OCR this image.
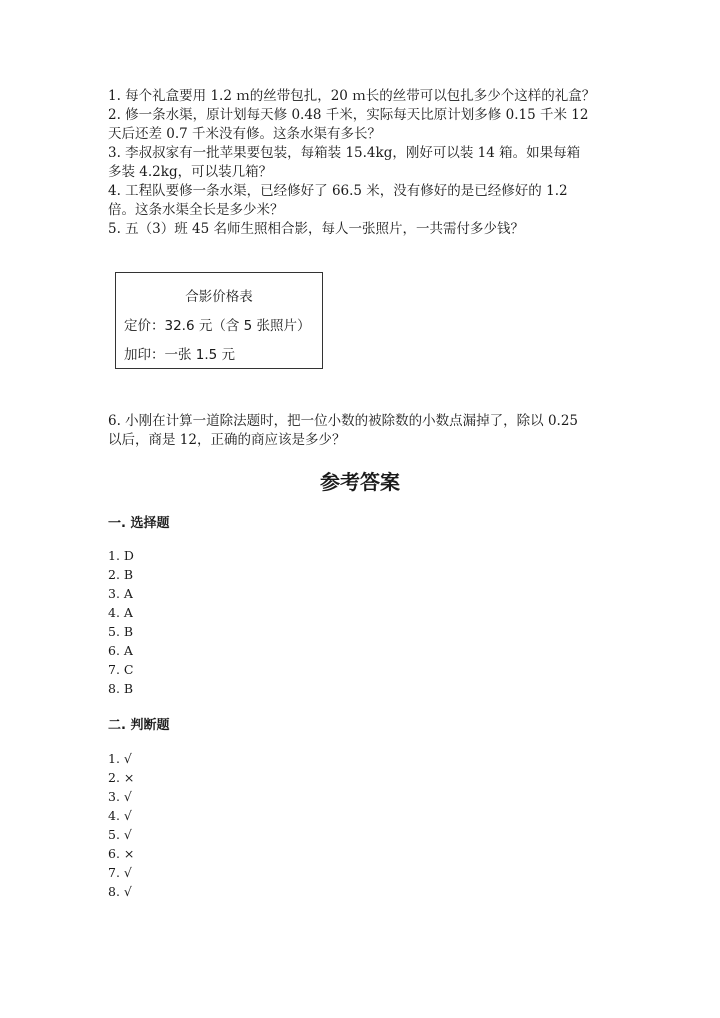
1. 每个礼盒要用 1.2 ｍ的丝带包扎，20 ｍ长的丝带可以包扎多少个这样的礼盒？

2. 修一条水渠，原计划每天修 0.48 千米，实际每天比原计划多修 0.15 千米 12

天后还差 0.7 千米没有修。这条水渠有多长？

3. 李叔叔家有一批苹果要包装，每箱装 15.4kg，刚好可以装 14 箱。如果每箱

多装 4.2kg，可以装几箱？

4. 工程队要修一条水渠，已经修好了 66.5 米，没有修好的是已经修好的 1.2

倍。这条水渠全长是多少米？

5. 五（3）班 45 名师生照相合影，每人一张照片，一共需付多少钱？

合影价格表
定价：32.6 元（含 5 张照片）
加印：一张 1.5 元

6. 小刚在计算一道除法题时，把一位小数的被除数的小数点漏掉了，除以 0.25

以后，商是 12，正确的商应该是多少？

参考答案
一. 选择题
1. D
2. B
3. A
4. A
5. B
6. A
7. C
8. B
二. 判断题
1. √
2. ×
3. √
4. √
5. √
6. ×
7. √
8. √
